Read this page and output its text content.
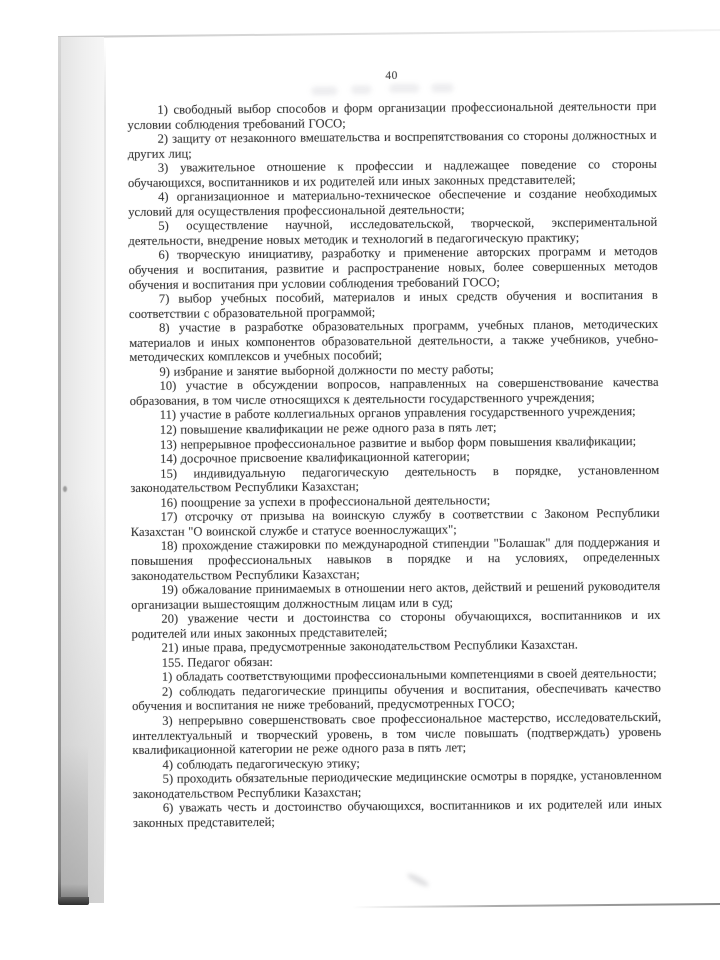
40

1) свободный выбор способов и форм организации профессиональной деятельности при условии соблюдения требований ГОСО;

2) защиту от незаконного вмешательства и воспрепятствования со стороны должностных и других лиц;

3) уважительное отношение к профессии и надлежащее поведение со стороны обучающихся, воспитанников и их родителей или иных законных представителей;

4) организационное и материально-техническое обеспечение и создание необходимых условий для осуществления профессиональной деятельности;

5) осуществление научной, исследовательской, творческой, экспериментальной деятельности, внедрение новых методик и технологий в педагогическую практику;

6) творческую инициативу, разработку и применение авторских программ и методов обучения и воспитания, развитие и распространение новых, более совершенных методов обучения и воспитания при условии соблюдения требований ГОСО;

7) выбор учебных пособий, материалов и иных средств обучения и воспитания в соответствии с образовательной программой;

8) участие в разработке образовательных программ, учебных планов, методических материалов и иных компонентов образовательной деятельности, а также учебников, учебно-методических комплексов и учебных пособий;

9) избрание и занятие выборной должности по месту работы;

10) участие в обсуждении вопросов, направленных на совершенствование качества образования, в том числе относящихся к деятельности государственного учреждения;

11) участие в работе коллегиальных органов управления государственного учреждения;

12) повышение квалификации не реже одного раза в пять лет;

13) непрерывное профессиональное развитие и выбор форм повышения квалификации;

14) досрочное присвоение квалификационной категории;

15) индивидуальную педагогическую деятельность в порядке, установленном законодательством Республики Казахстан;

16) поощрение за успехи в профессиональной деятельности;

17) отсрочку от призыва на воинскую службу в соответствии с Законом Республики Казахстан "О воинской службе и статусе военнослужащих";

18) прохождение стажировки по международной стипендии "Болашак" для поддержания и повышения профессиональных навыков в порядке и на условиях, определенных законодательством Республики Казахстан;

19) обжалование принимаемых в отношении него актов, действий и решений руководителя организации вышестоящим должностным лицам или в суд;

20) уважение чести и достоинства со стороны обучающихся, воспитанников и их родителей или иных законных представителей;

21) иные права, предусмотренные законодательством Республики Казахстан.

155. Педагог обязан:

1) обладать соответствующими профессиональными компетенциями в своей деятельности;

2) соблюдать педагогические принципы обучения и воспитания, обеспечивать качество обучения и воспитания не ниже требований, предусмотренных ГОСО;

3) непрерывно совершенствовать свое профессиональное мастерство, исследовательский, интеллектуальный и творческий уровень, в том числе повышать (подтверждать) уровень квалификационной категории не реже одного раза в пять лет;

4) соблюдать педагогическую этику;

5) проходить обязательные периодические медицинские осмотры в порядке, установленном законодательством Республики Казахстан;

6) уважать честь и достоинство обучающихся, воспитанников и их родителей или иных законных представителей;
